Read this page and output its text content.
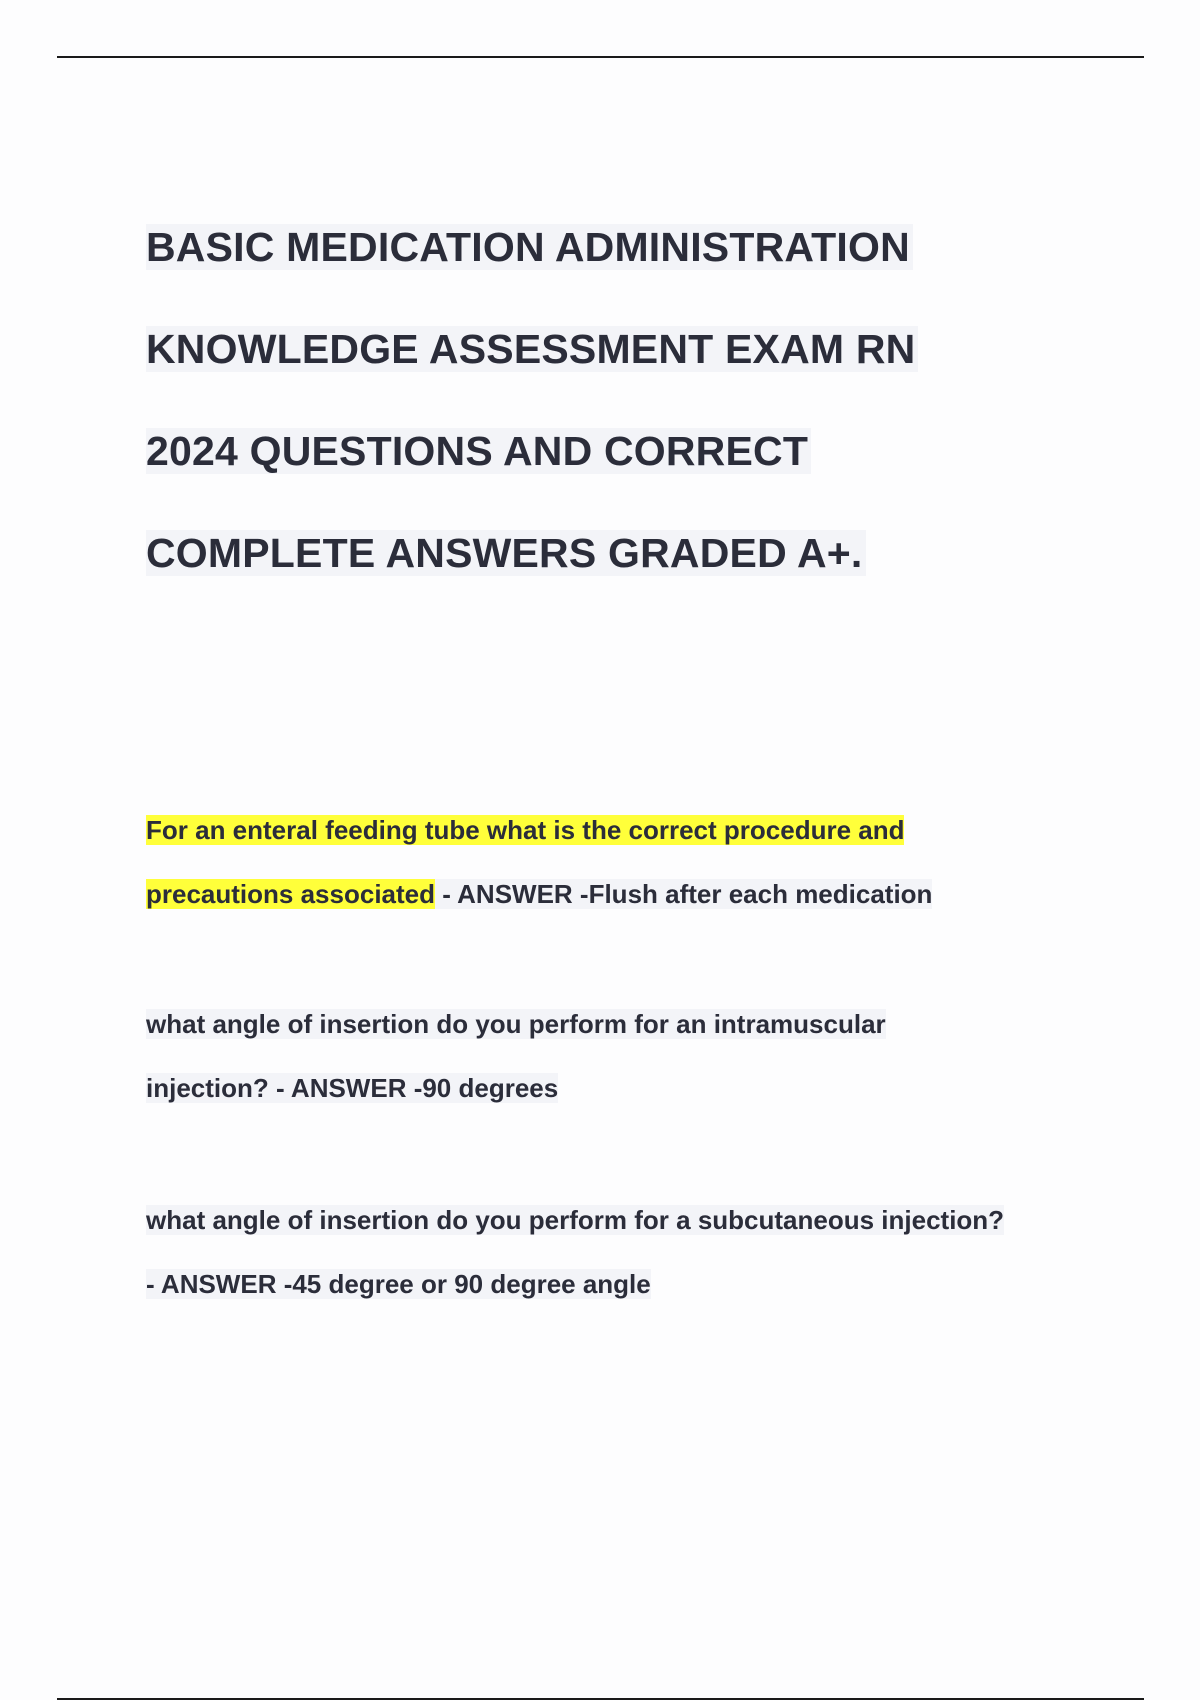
BASIC MEDICATION ADMINISTRATION
KNOWLEDGE ASSESSMENT EXAM RN
2024 QUESTIONS AND CORRECT
COMPLETE ANSWERS GRADED A+.

For an enteral feeding tube what is the correct procedure and
precautions associated - ANSWER -Flush after each medication

what angle of insertion do you perform for an intramuscular
injection? - ANSWER -90 degrees

what angle of insertion do you perform for a subcutaneous injection?
- ANSWER -45 degree or 90 degree angle
